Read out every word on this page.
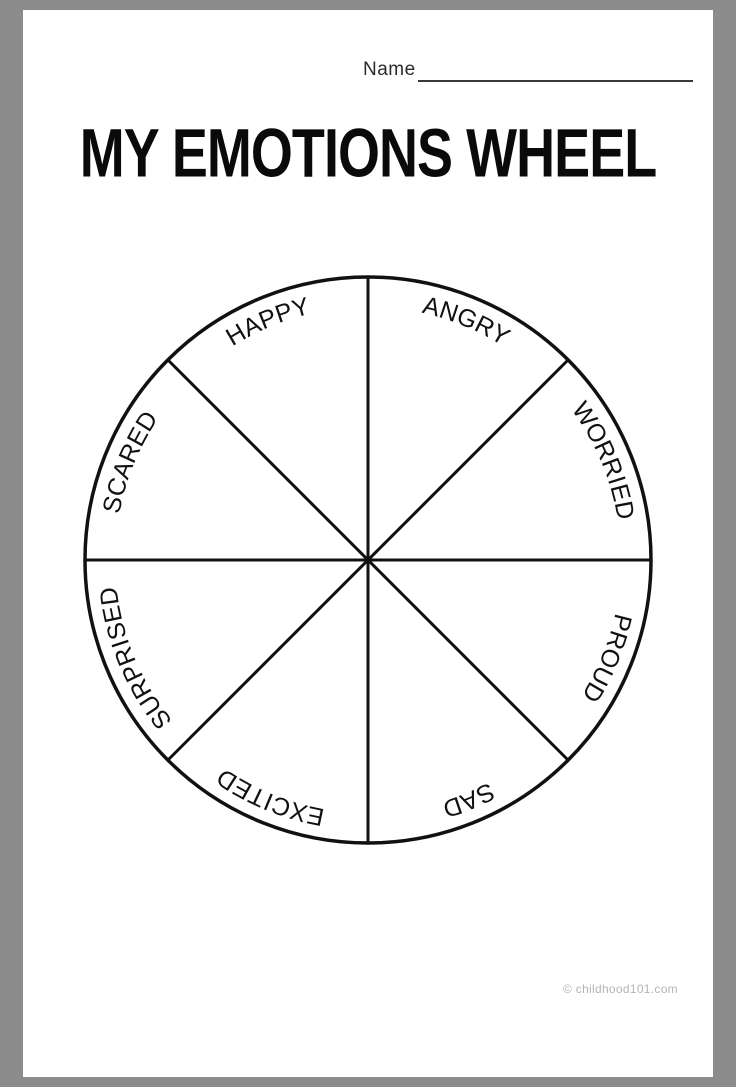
Name
MY EMOTIONS WHEEL
ANGRY
WORRIED
PROUD
SAD
EXCITED
SURPRISED
SCARED
HAPPY
© childhood101.com
